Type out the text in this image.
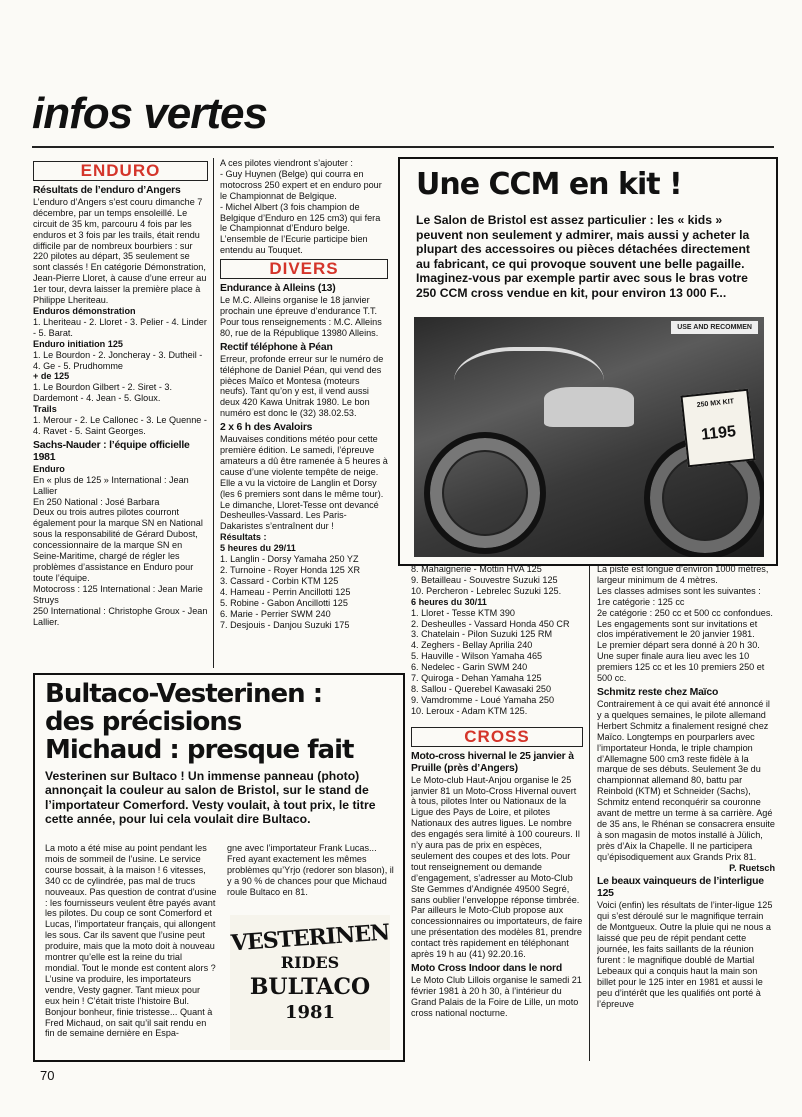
infos vertes
ENDURO

Résultats de l’enduro d’Angers

L’enduro d’Angers s’est couru dimanche 7 décembre, par un temps ensoleillé. Le circuit de 35 km, parcouru 4 fois par les enduros et 3 fois par les trails, était rendu difficile par de nombreux bourbiers : sur 220 pilotes au départ, 35 seulement se sont classés ! En catégorie Démonstration, Jean-Pierre Lloret, à cause d’une erreur au 1er tour, devra laisser la première place à Philippe Lheriteau.

Enduros démonstration

1. Lheriteau - 2. Lloret - 3. Pelier - 4. Linder - 5. Barat.

Enduro initiation 125

1. Le Bourdon - 2. Joncheray - 3. Dutheil - 4. Ge - 5. Prudhomme

+ de 125

1. Le Bourdon Gilbert - 2. Siret - 3. Dardemont - 4. Jean - 5. Gloux.

Trails

1. Merour - 2. Le Callonec - 3. Le Quenne - 4. Ravet - 5. Saint Georges.

Sachs-Nauder : l’équipe officielle 1981

Enduro

En « plus de 125 » International : Jean Lallier

En 250 National : José Barbara

Deux ou trois autres pilotes courront également pour la marque SN en National sous la responsabilité de Gérard Dubost, concessionnaire de la marque SN en Seine-Maritime, chargé de régler les problèmes d’assistance en Enduro pour toute l’équipe.

Motocross : 125 International : Jean Marie Struys

250 International : Christophe Groux - Jean Lallier.

A ces pilotes viendront s’ajouter :

- Guy Huynen (Belge) qui courra en motocross 250 expert et en enduro pour le Championnat de Belgique.

- Michel Albert (3 fois champion de Belgique d’Enduro en 125 cm3) qui fera le Championnat d’Enduro belge.

L’ensemble de l’Ecurie participe bien entendu au Touquet.

DIVERS

Endurance à Alleins (13)

Le M.C. Alleins organise le 18 janvier prochain une épreuve d’endurance T.T. Pour tous renseignements : M.C. Alleins 80, rue de la République 13980 Alleins.

Rectif téléphone à Péan

Erreur, profonde erreur sur le numéro de téléphone de Daniel Péan, qui vend des pièces Maïco et Montesa (moteurs neufs). Tant qu’on y est, il vend aussi deux 420 Kawa Unitrak 1980. Le bon numéro est donc le (32) 38.02.53.

2 x 6 h des Avaloirs

Mauvaises conditions météo pour cette première édition. Le samedi, l’épreuve amateurs a dû être ramenée à 5 heures à cause d’une violente tempête de neige. Elle a vu la victoire de Langlin et Dorsy (les 6 premiers sont dans le même tour). Le dimanche, Lloret-Tesse ont devancé Desheulles-Vassard. Les Paris-Dakaristes s’entraînent dur !

Résultats :

5 heures du 29/11

1. Langlin - Dorsy Yamaha 250 YZ

2. Turnoine - Royer Honda 125 XR

3. Cassard - Corbin KTM 125

4. Hameau - Perrin Ancillotti 125

5. Robine - Gabon Ancillotti 125

6. Marie - Perrier SWM 240

7. Desjouis - Danjou Suzuki 175

Une CCM en kit !
Le Salon de Bristol est assez particulier : les « kids » peuvent non seulement y admirer, mais aussi y acheter la plupart des accessoires ou pièces détachées directement au fabricant, ce qui provoque souvent une belle pagaille. Imaginez-vous par exemple partir avec sous le bras votre 250 CCM cross vendue en kit, pour environ 13 000 F...
USE AND RECOMMEN
250 MX KIT
1195

8. Mahaignerie - Mottin HVA 125

9. Betailleau - Souvestre Suzuki 125

10. Percheron - Lebrelec Suzuki 125.

6 heures du 30/11

1. Lloret - Tesse KTM 390

2. Desheulles - Vassard Honda 450 CR

3. Chatelain - Pilon Suzuki 125 RM

4. Zeghers - Bellay Aprilia 240

5. Hauville - Wilson Yamaha 465

6. Nedelec - Garin SWM 240

7. Quiroga - Dehan Yamaha 125

8. Sallou - Querebel Kawasaki 250

9. Vamdromme - Loué Yamaha 250

10. Leroux - Adam KTM 125.

CROSS

Moto-cross hivernal le 25 janvier à Pruille (près d’Angers)

Le Moto-club Haut-Anjou organise le 25 janvier 81 un Moto-Cross Hivernal ouvert à tous, pilotes Inter ou Nationaux de la Ligue des Pays de Loire, et pilotes Nationaux des autres ligues. Le nombre des engagés sera limité à 100 coureurs. Il n’y aura pas de prix en espèces, seulement des coupes et des lots. Pour tout renseignement ou demande d’engagement, s’adresser au Moto-Club Ste Gemmes d’Andignée 49500 Segré, sans oublier l’enveloppe réponse timbrée.

Par ailleurs le Moto-Club propose aux concessionnaires ou importateurs, de faire une présentation des modèles 81, prendre contact très rapidement en téléphonant après 19 h au (41) 92.20.16.

Moto Cross Indoor dans le nord

Le Moto Club Lillois organise le samedi 21 février 1981 à 20 h 30, à l’intérieur du Grand Palais de la Foire de Lille, un moto cross national nocturne.

La piste est longue d’environ 1000 mètres, largeur minimum de 4 mètres.

Les classes admises sont les suivantes :

1re catégorie : 125 cc

2e catégorie : 250 cc et 500 cc confondues.

Les engagements sont sur invitations et clos impérativement le 20 janvier 1981.

Le premier départ sera donné à 20 h 30.

Une super finale aura lieu avec les 10 premiers 125 cc et les 10 premiers 250 et 500 cc.

Schmitz reste chez Maïco

Contrairement à ce qui avait été annoncé il y a quelques semaines, le pilote allemand Herbert Schmitz a finalement resigné chez Maïco. Longtemps en pourparlers avec l’importateur Honda, le triple champion d’Allemagne 500 cm3 reste fidèle à la marque de ses débuts. Seulement 3e du championnat allemand 80, battu par Reinbold (KTM) et Schneider (Sachs), Schmitz entend reconquérir sa couronne avant de mettre un terme à sa carrière. Agé de 35 ans, le Rhénan se consacrera ensuite à son magasin de motos installé à Jülich, près d’Aix la Chapelle. Il ne participera qu’épisodiquement aux Grands Prix 81.

P. Ruetsch

Le beaux vainqueurs de l’interligue 125

Voici (enfin) les résultats de l’inter-ligue 125 qui s’est déroulé sur le magnifique terrain de Montgueux. Outre la pluie qui ne nous a laissé que peu de répit pendant cette journée, les faits saillants de la réunion furent : le magnifique doublé de Martial Lebeaux qui a conquis haut la main son billet pour le 125 inter en 1981 et aussi le peu d’intérêt que les qualifiés ont porté à l’épreuve

Bultaco-Vesterinen :
des précisions
Michaud : presque fait
Vesterinen sur Bultaco ! Un immense panneau (photo) annonçait la couleur au salon de Bristol, sur le stand de l’importateur Comerford. Vesty voulait, à tout prix, le titre cette année, pour lui cela voulait dire Bultaco.
La moto a été mise au point pendant les mois de sommeil de l’usine. Le service course bossait, à la maison ! 6 vitesses, 340 cc de cylindrée, pas mal de trucs nouveaux. Pas question de contrat d’usine : les fournisseurs veulent être payés avant les pilotes. Du coup ce sont Comerford et Lucas, l’importateur français, qui allongent les sous. Car ils savent que l’usine peut produire, mais que la moto doit à nouveau montrer qu’elle est la reine du trial mondial. Tout le monde est content alors ? L’usine va produire, les importateurs vendre, Vesty gagner. Tant mieux pour eux hein ! C’était triste l’histoire Bul. Bonjour bonheur, finie tristesse... Quant à Fred Michaud, on sait qu’il sait rendu en fin de semaine dernière en Espa-
gne avec l’importateur Frank Lucas... Fred ayant exactement les mêmes problèmes qu’Yrjo (redorer son blason), il y a 90 % de chances pour que Michaud roule Bultaco en 81.
VESTERINEN
RIDES
BULTACO
1981
70
